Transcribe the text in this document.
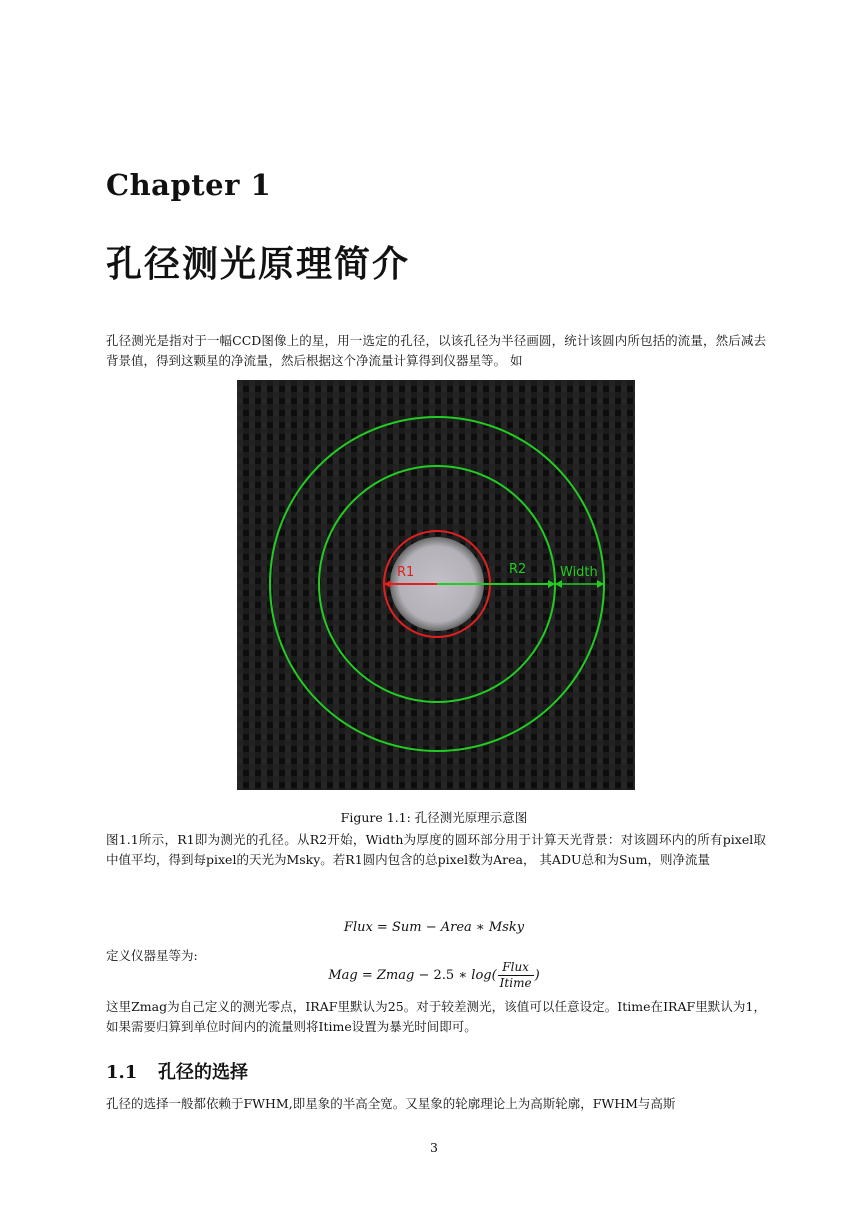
Chapter 1
孔径测光原理简介
孔径测光是指对于一幅CCD图像上的星，用一选定的孔径，以该孔径为半径画圆，统计该圆内所包括的流量，然后减去背景值，得到这颗星的净流量，然后根据这个净流量计算得到仪器星等。 如
R1	R2	Width
Figure 1.1: 孔径测光原理示意图
图1.1所示，R1即为测光的孔径。从R2开始，Width为厚度的圆环部分用于计算天光背景：对该圆环内的所有pixel取中值平均，得到每pixel的天光为Msky。若R1圆内包含的总pixel数为Area， 其ADU总和为Sum，则净流量
Flux = Sum − Area ∗ Msky
定义仪器星等为:
Mag = Zmag − 2.5 ∗ $\log( \frac{\text{Flux}}{\text{Itime}}$ )
这里Zmag为自己定义的测光零点，IRAF里默认为25。对于较差测光，该值可以任意设定。Itime在IRAF里默认为1，如果需要归算到单位时间内的流量则将Itime设置为暴光时间即可。
1.1 孔径的选择
孔径的选择一般都依赖于FWHM,即星象的半高全宽。又星象的轮廓理论上为高斯轮廓，FWHM与高斯
3
